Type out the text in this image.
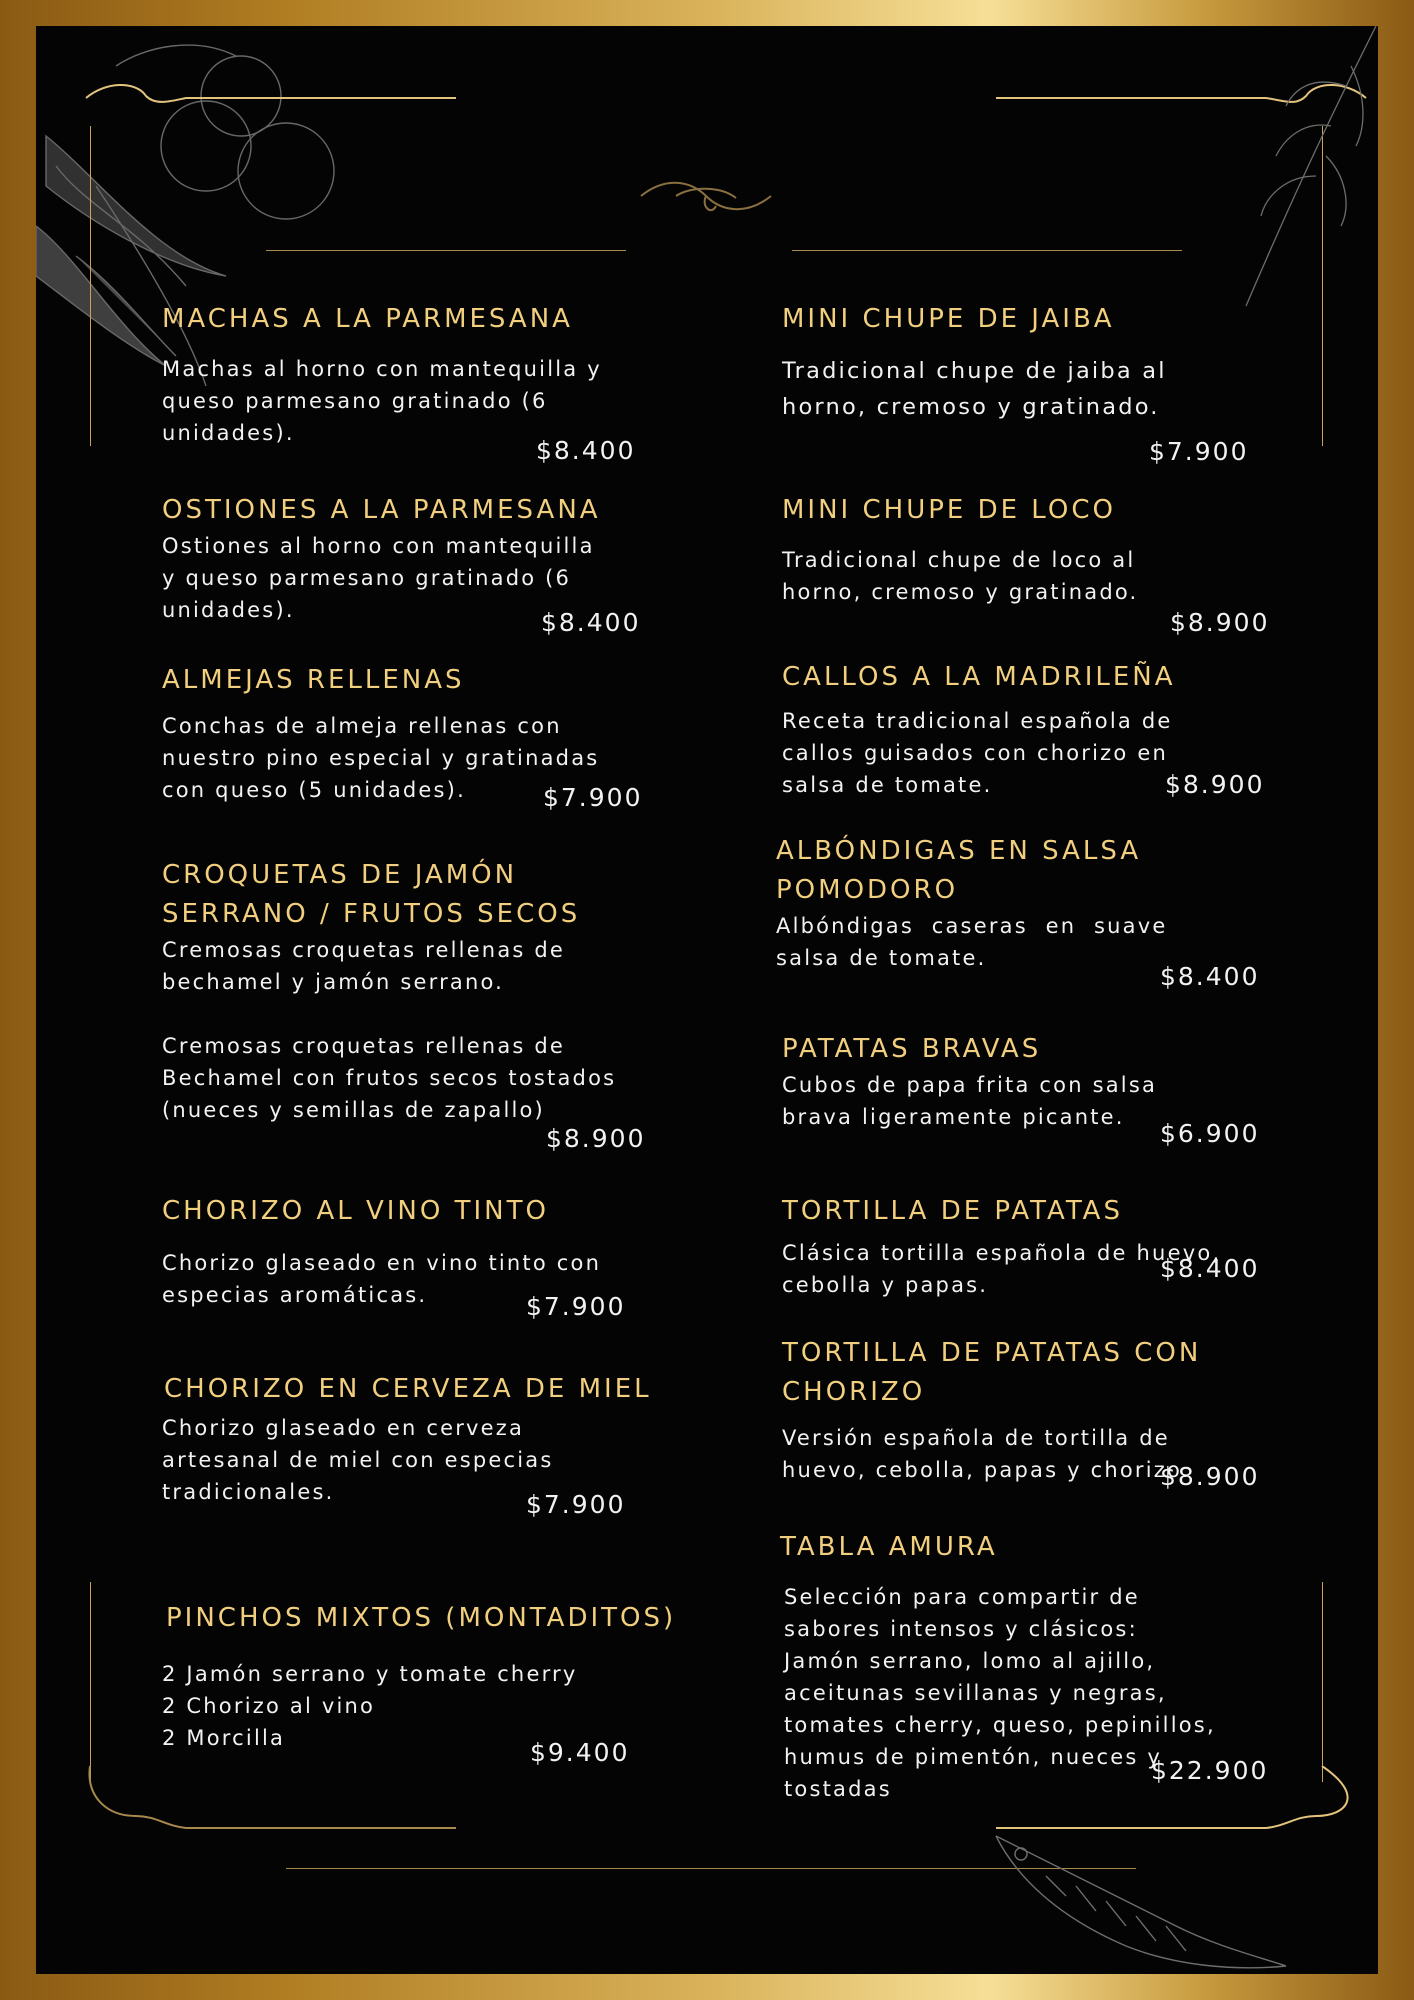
MACHAS A LA PARMESANA
Machas al horno con mantequilla y
queso parmesano gratinado (6
unidades).
$8.400
OSTIONES A LA PARMESANA
Ostiones al horno con mantequilla
y queso parmesano gratinado (6
unidades).	$8.400
ALMEJAS RELLENAS
Conchas de almeja rellenas con
nuestro pino especial y gratinadas
con queso (5 unidades).	$7.900
CROQUETAS DE JAMÓN
SERRANO / FRUTOS SECOS
Cremosas croquetas rellenas de
bechamel y jamón serrano.

Cremosas croquetas rellenas de
Bechamel con frutos secos tostados
(nueces y semillas de zapallo)
$8.900
CHORIZO AL VINO TINTO
Chorizo glaseado en vino tinto con
especias aromáticas.	$7.900
CHORIZO EN CERVEZA DE MIEL
Chorizo glaseado en cerveza
artesanal de miel con especias
tradicionales.	$7.900
PINCHOS MIXTOS (MONTADITOS)
2 Jamón serrano y tomate cherry
2 Chorizo al vino
2 Morcilla	$9.400
MINI CHUPE DE JAIBA
Tradicional chupe de jaiba al
horno, cremoso y gratinado.
$7.900
MINI CHUPE DE LOCO
Tradicional chupe de loco al
horno, cremoso y gratinado.
$8.900
CALLOS A LA MADRILEÑA
Receta tradicional española de
callos guisados con chorizo en
salsa de tomate.	$8.900
ALBÓNDIGAS EN SALSA
POMODORO
Albóndigas  caseras  en  suave
salsa de tomate.
$8.400
PATATAS BRAVAS
Cubos de papa frita con salsa
brava ligeramente picante.
$6.900
TORTILLA DE PATATAS
Clásica tortilla española de huevo,
cebolla y papas.
$8.400
TORTILLA DE PATATAS CON
CHORIZO
Versión española de tortilla de
huevo, cebolla, papas y chorizo.
$8.900
TABLA AMURA
Selección para compartir de
sabores intensos y clásicos:
Jamón serrano, lomo al ajillo,
aceitunas sevillanas y negras,
tomates cherry, queso, pepinillos,
humus de pimentón, nueces y
tostadas
$22.900
